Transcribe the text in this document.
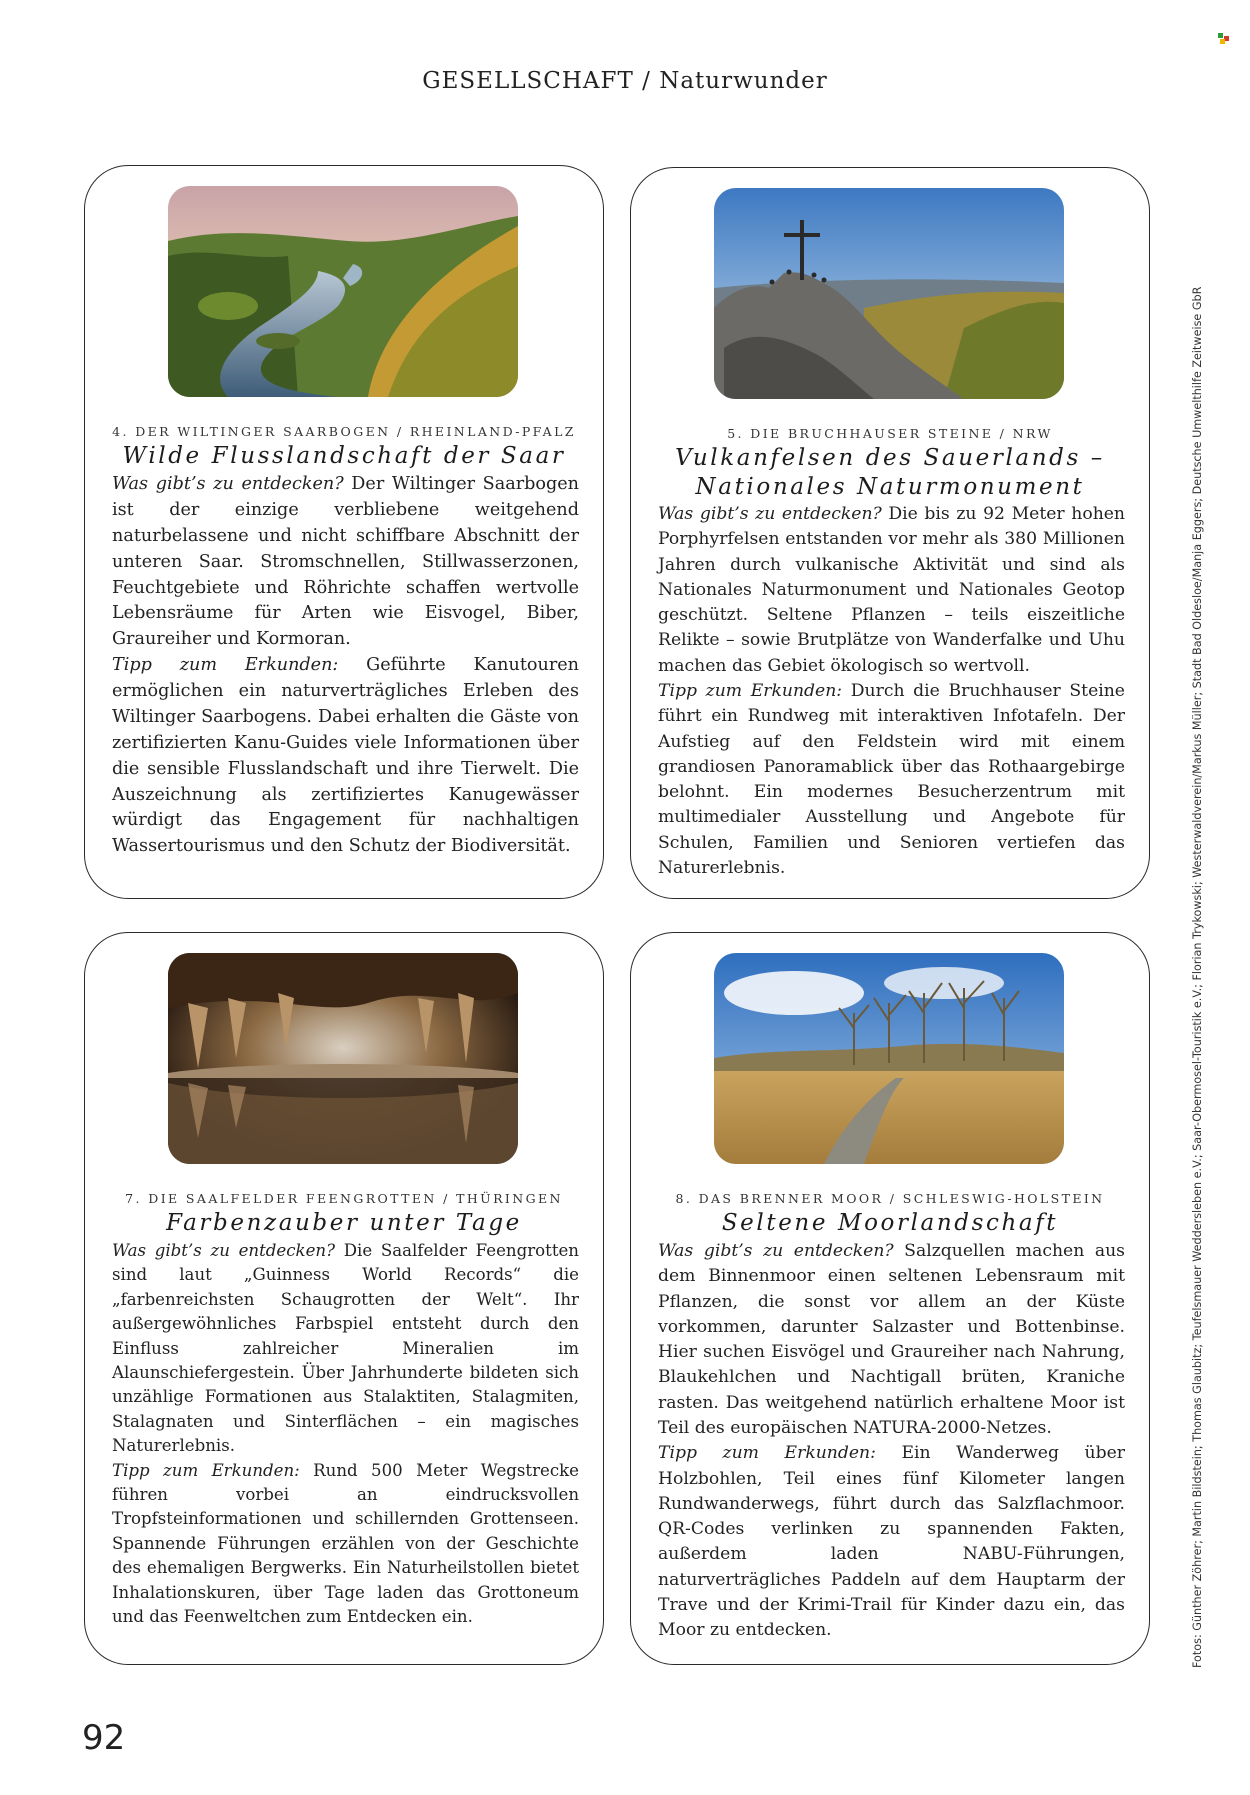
GESELLSCHAFT / Naturwunder
4. DER WILTINGER SAARBOGEN / RHEINLAND-PFALZ
Wilde Flusslandschaft der Saar

Was gibt’s zu entdecken? Der Wiltinger Saarbogen ist der einzige verbliebene weitgehend naturbelassene und nicht schiffbare Abschnitt der unteren Saar. Stromschnellen, Stillwasserzonen, Feuchtgebiete und Röhrichte schaffen wertvolle Lebensräume für Arten wie Eisvogel, Biber, Graureiher und Kormoran.

Tipp zum Erkunden: Geführte Kanutouren ermöglichen ein naturverträgliches Erleben des Wiltinger Saarbogens. Dabei erhalten die Gäste von zertifizierten Kanu-Guides viele Informationen über die sensible Flusslandschaft und ihre Tierwelt. Die Auszeichnung als zertifiziertes Kanugewässer würdigt das Engagement für nachhaltigen Wassertourismus und den Schutz der Biodiversität.

5. DIE BRUCHHAUSER STEINE / NRW
Vulkanfelsen des Sauerlands – Nationales Naturmonument

Was gibt’s zu entdecken? Die bis zu 92 Meter hohen Porphyrfelsen entstanden vor mehr als 380 Millionen Jahren durch vulkanische Aktivität und sind als Nationales Naturmonument und Nationales Geotop geschützt. Seltene Pflanzen – teils eiszeitliche Relikte – sowie Brutplätze von Wanderfalke und Uhu machen das Gebiet ökologisch so wertvoll.

Tipp zum Erkunden: Durch die Bruchhauser Steine führt ein Rundweg mit interaktiven Infotafeln. Der Aufstieg auf den Feldstein wird mit einem grandiosen Panoramablick über das Rothaargebirge belohnt. Ein modernes Besucherzentrum mit multimedialer Ausstellung und Angebote für Schulen, Familien und Senioren vertiefen das Naturerlebnis.

7. DIE SAALFELDER FEENGROTTEN / THÜRINGEN
Farbenzauber unter Tage

Was gibt’s zu entdecken? Die Saalfelder Feengrotten sind laut „Guinness World Records“ die „farbenreichsten Schaugrotten der Welt“. Ihr außergewöhnliches Farbspiel entsteht durch den Einfluss zahlreicher Mineralien im Alaunschiefergestein. Über Jahrhunderte bildeten sich unzählige Formationen aus Stalaktiten, Stalagmiten, Stalagnaten und Sinterflächen – ein magisches Naturerlebnis.

Tipp zum Erkunden: Rund 500 Meter Wegstrecke führen vorbei an eindrucksvollen Tropfsteinformationen und schillernden Grottenseen. Spannende Führungen erzählen von der Geschichte des ehemaligen Bergwerks. Ein Naturheilstollen bietet Inhalationskuren, über Tage laden das Grottoneum und das Feenweltchen zum Entdecken ein.

8. DAS BRENNER MOOR / SCHLESWIG-HOLSTEIN
Seltene Moorlandschaft

Was gibt’s zu entdecken? Salzquellen machen aus dem Binnenmoor einen seltenen Lebensraum mit Pflanzen, die sonst vor allem an der Küste vorkommen, darunter Salzaster und Bottenbinse. Hier suchen Eisvögel und Graureiher nach Nahrung, Blaukehlchen und Nachtigall brüten, Kraniche rasten. Das weitgehend natürlich erhaltene Moor ist Teil des europäischen NATURA-2000-Netzes.

Tipp zum Erkunden: Ein Wanderweg über Holzbohlen, Teil eines fünf Kilometer langen Rundwanderwegs, führt durch das Salzflachmoor. QR-Codes verlinken zu spannenden Fakten, außerdem laden NABU-Führungen, naturverträgliches Paddeln auf dem Hauptarm der Trave und der Krimi-Trail für Kinder dazu ein, das Moor zu entdecken.	Fotos: Günther Zöhrer; Martin Bildstein; Thomas Glaubitz; Teufelsmauer Weddersleben e.V.; Saar-Obermosel-Touristik e.V.; Florian Trykowski; Westerwaldverein/Markus Müller; Stadt Bad Oldesloe/Manja Eggers; Deutsche Umwelthilfe Zeitweise GbR
92
